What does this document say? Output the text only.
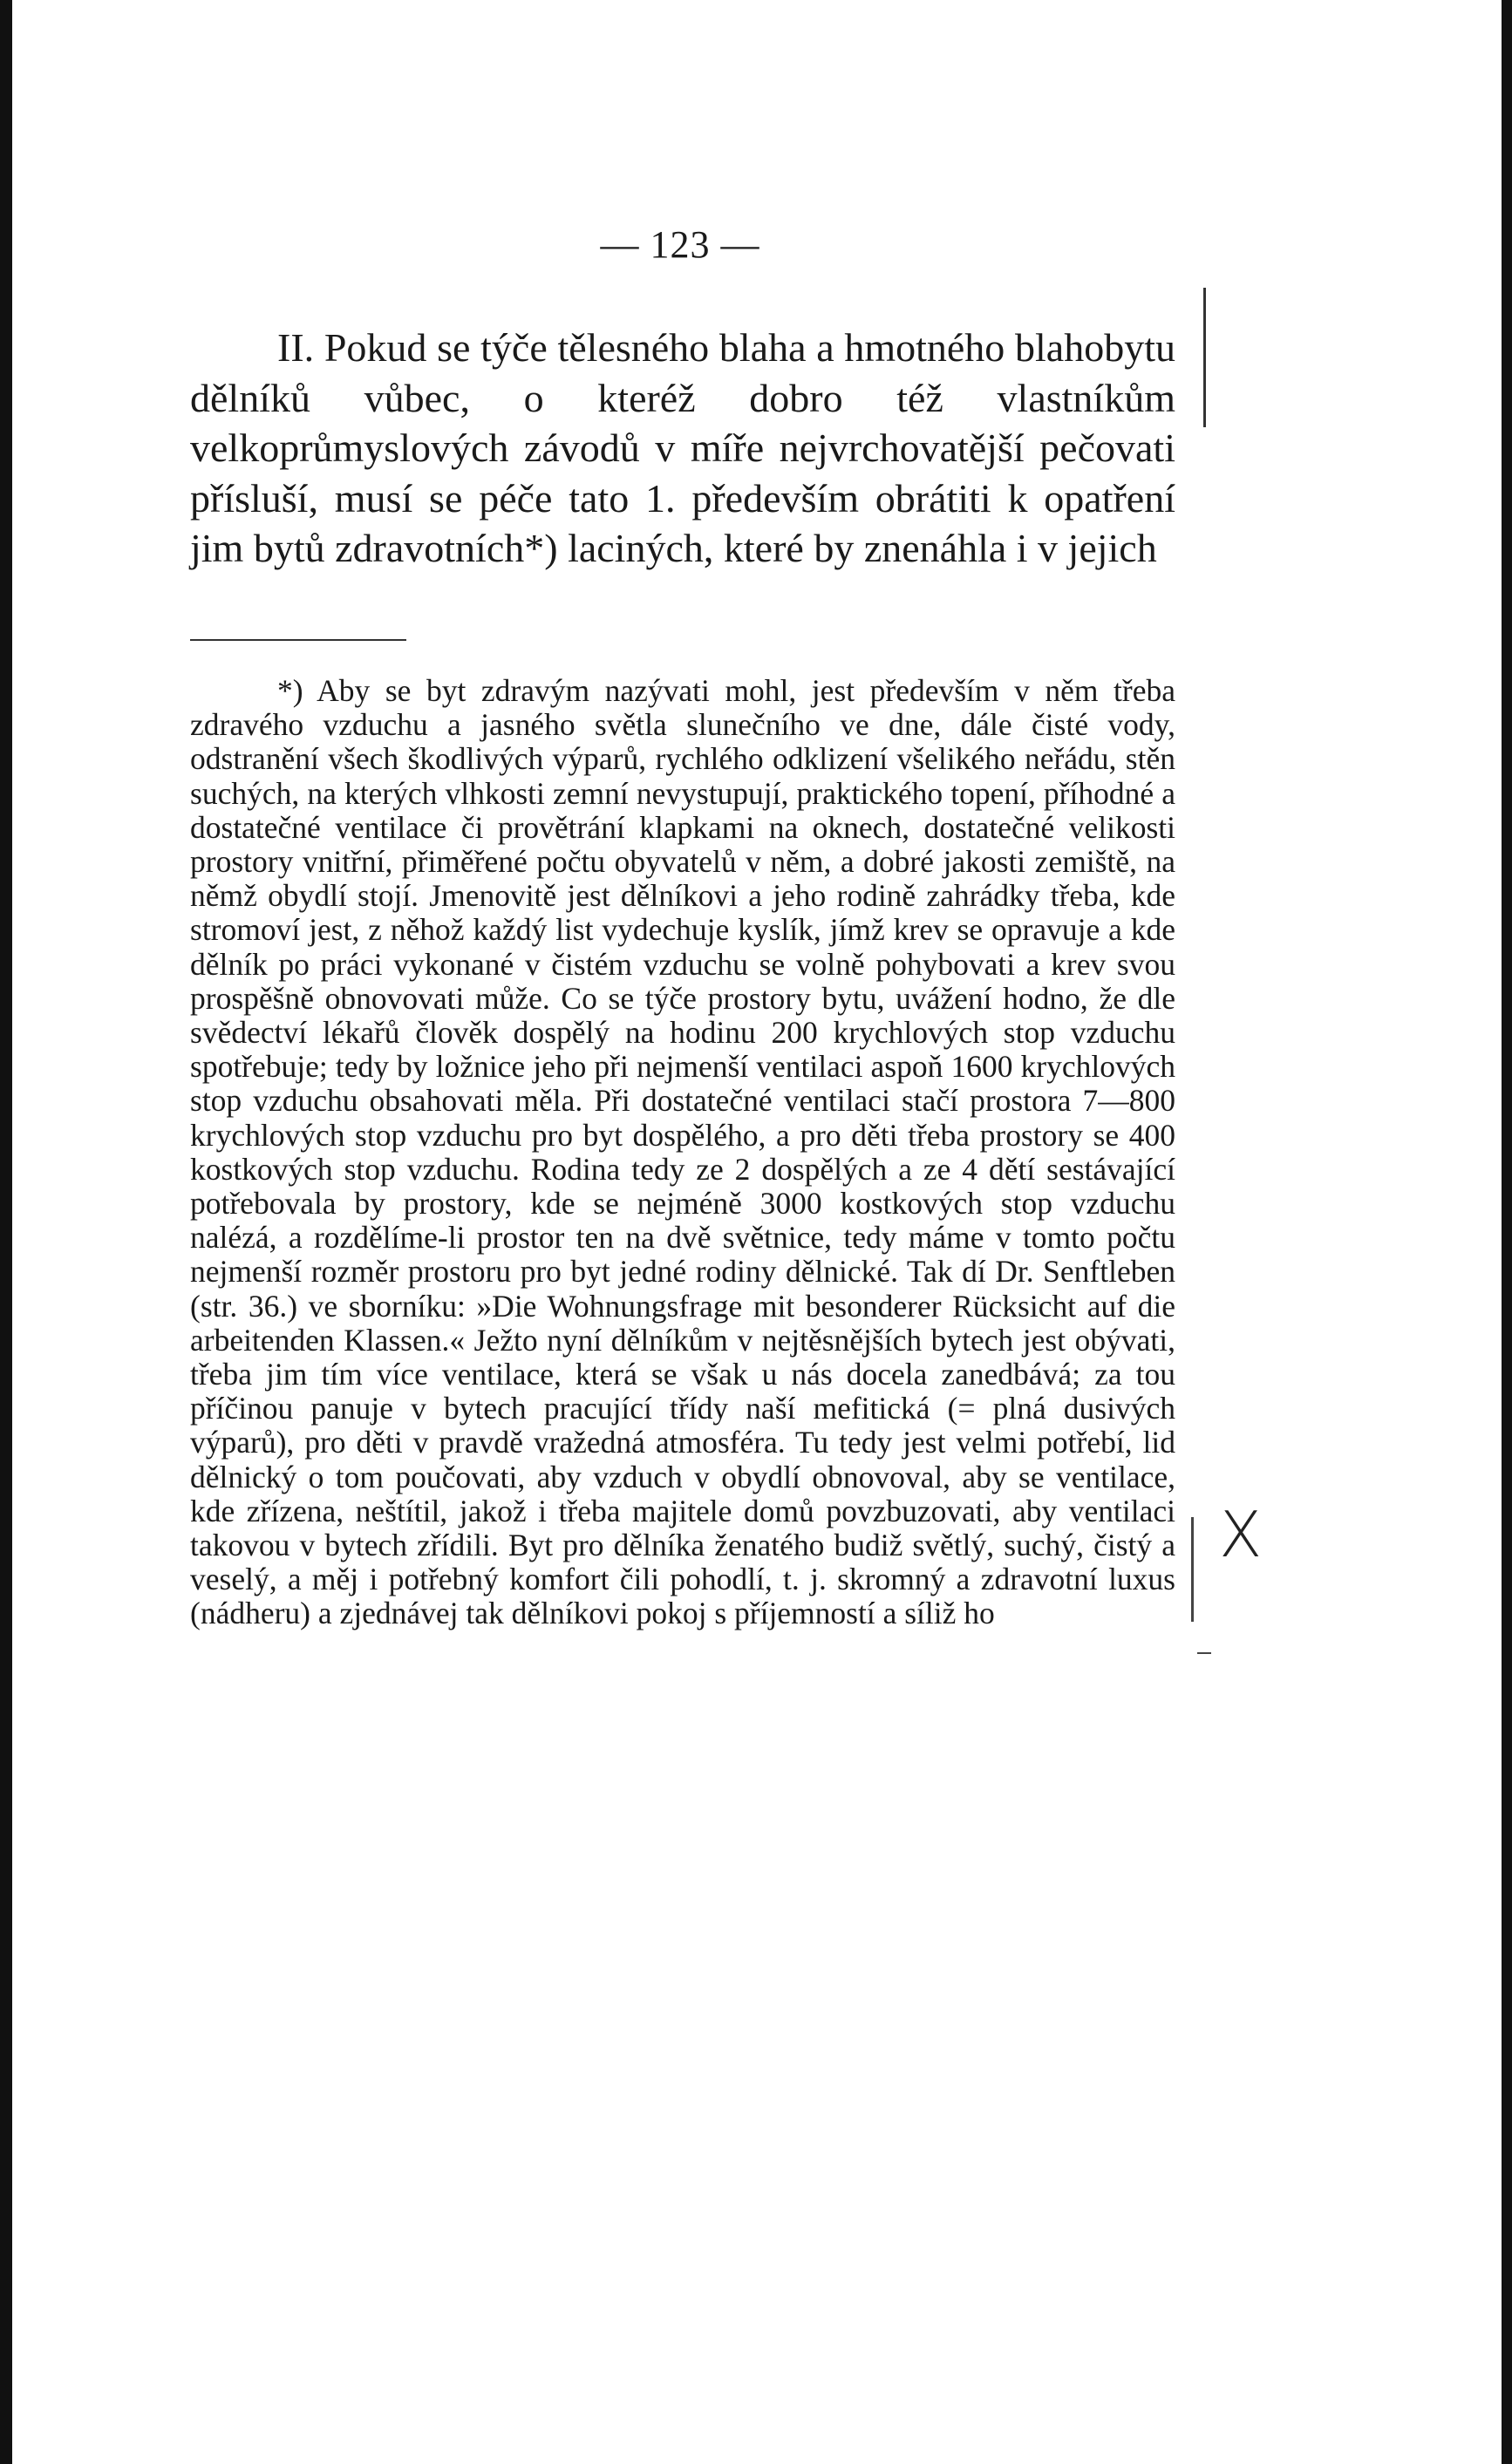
— 123 —

II. Pokud se týče tělesného blaha a hmotného blahobytu dělníků vůbec, o kteréž dobro též vlastníkům velkoprůmyslových závodů v míře nejvrchovatější pečovati přísluší, musí se péče tato 1. především obrátiti k opatření jim bytů zdravotních*) laciných, které by znenáhla i v jejich

*) Aby se byt zdravým nazývati mohl, jest především v něm třeba zdravého vzduchu a jasného světla slunečního ve dne, dále čisté vody, odstranění všech škodlivých výparů, rychlého odklizení všelikého neřádu, stěn suchých, na kterých vlhkosti zemní nevystupují, praktického topení, příhodné a dostatečné ventilace či provětrání klapkami na oknech, dostatečné velikosti prostory vnitřní, přiměřené počtu obyvatelů v něm, a dobré jakosti zemiště, na němž obydlí stojí. Jmenovitě jest dělníkovi a jeho rodině zahrádky třeba, kde stromoví jest, z něhož každý list vydechuje kyslík, jímž krev se opravuje a kde dělník po práci vykonané v čistém vzduchu se volně pohybovati a krev svou prospěšně obnovovati může. Co se týče prostory bytu, uvážení hodno, že dle svědectví lékařů člověk dospělý na hodinu 200 krychlových stop vzduchu spotřebuje; tedy by ložnice jeho při nejmenší ventilaci aspoň 1600 krychlových stop vzduchu obsahovati měla. Při dostatečné ventilaci stačí prostora 7—800 krychlových stop vzduchu pro byt dospělého, a pro děti třeba prostory se 400 kostkových stop vzduchu. Rodina tedy ze 2 dospělých a ze 4 dětí sestávající potřebovala by prostory, kde se nejméně 3000 kostkových stop vzduchu nalézá, a rozdělíme-li prostor ten na dvě světnice, tedy máme v tomto počtu nejmenší rozměr prostoru pro byt jedné rodiny dělnické. Tak dí Dr. Senftleben (str. 36.) ve sborníku: »Die Wohnungsfrage mit besonderer Rücksicht auf die arbeitenden Klassen.« Ježto nyní dělníkům v nejtěsnějších bytech jest obývati, třeba jim tím více ventilace, která se však u nás docela zanedbává; za tou příčinou panuje v bytech pracující třídy naší mefitická (= plná dusivých výparů), pro děti v pravdě vražedná atmosféra. Tu tedy jest velmi potřebí, lid dělnický o tom poučovati, aby vzduch v obydlí obnovoval, aby se ventilace, kde zřízena, neštítil, jakož i třeba majitele domů povzbuzovati, aby ventilaci takovou v bytech zřídili. Byt pro dělníka ženatého budiž světlý, suchý, čistý a veselý, a měj i potřebný komfort čili pohodlí, t. j. skromný a zdravotní luxus (nádheru) a zjednávej tak dělníkovi pokoj s příjemností a síliž ho

X
